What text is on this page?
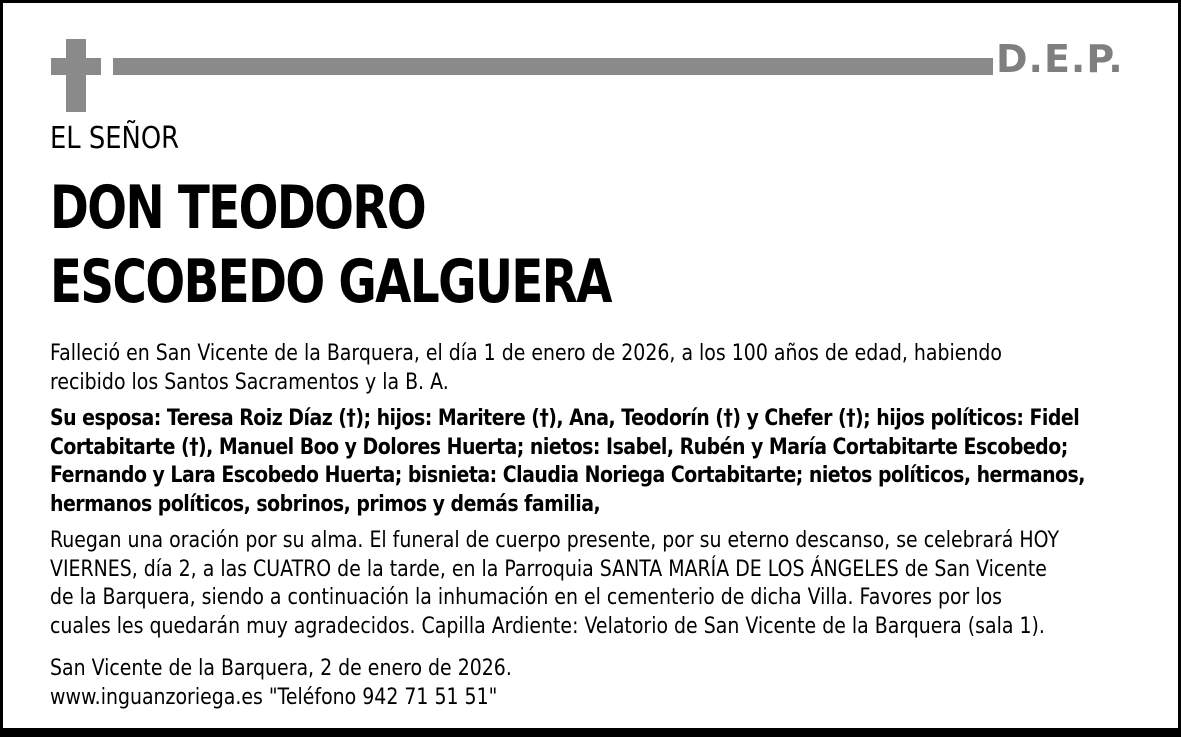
D.E.P.
EL SEÑOR
DON TEODORO
ESCOBEDO GALGUERA

Falleció en San Vicente de la Barquera, el día 1 de enero de 2026, a los 100 años de edad, habiendo
recibido los Santos Sacramentos y la B. A.

Su esposa: Teresa Roiz Díaz (†); hijos: Maritere (†), Ana, Teodorín (†) y Chefer (†); hijos políticos: Fidel
Cortabitarte (†), Manuel Boo y Dolores Huerta; nietos: Isabel, Rubén y María Cortabitarte Escobedo;
Fernando y Lara Escobedo Huerta; bisnieta: Claudia Noriega Cortabitarte; nietos políticos, hermanos,
hermanos políticos, sobrinos, primos y demás familia,

Ruegan una oración por su alma. El funeral de cuerpo presente, por su eterno descanso, se celebrará HOY
VIERNES, día 2, a las CUATRO de la tarde, en la Parroquia SANTA MARÍA DE LOS ÁNGELES de San Vicente
de la Barquera, siendo a continuación la inhumación en el cementerio de dicha Villa. Favores por los
cuales les quedarán muy agradecidos. Capilla Ardiente: Velatorio de San Vicente de la Barquera (sala 1).

San Vicente de la Barquera, 2 de enero de 2026.
www.inguanzoriega.es "Teléfono 942 71 51 51"
